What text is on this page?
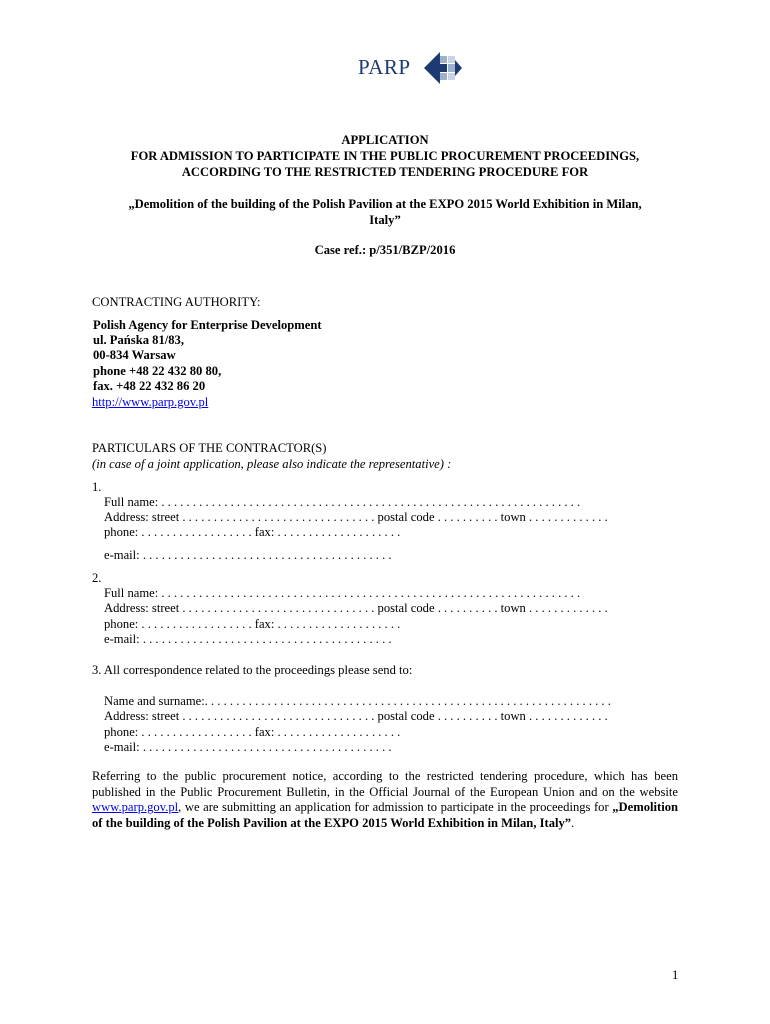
PARP
APPLICATION
FOR ADMISSION TO PARTICIPATE IN THE PUBLIC PROCUREMENT PROCEEDINGS,
ACCORDING TO THE RESTRICTED TENDERING PROCEDURE FOR
„Demolition of the building of the Polish Pavilion at the EXPO 2015 World Exhibition in Milan,
Italy”
Case ref.: p/351/BZP/2016
CONTRACTING AUTHORITY:
Polish Agency for Enterprise Development
ul. Pańska 81/83,
00-834 Warsaw
phone +48 22 432 80 80,
fax. +48 22 432 86 20
http://www.parp.gov.pl
PARTICULARS OF THE CONTRACTOR(S)
(in case of a joint application, please also indicate the representative) :
1.
Full name: . . . . . . . . . . . . . . . . . . . . . . . . . . . . . . . . . . . . . . . . . . . . . . . . . . . . . . . . . . . . . . . . . . .
Address: street . . . . . . . . . . . . . . . . . . . . . . . . . . . . . . . postal code . . . . . . . . . . town . . . . . . . . . . . . .
phone: . . . . . . . . . . . . . . . . . . fax: . . . . . . . . . . . . . . . . . . . .
e-mail: . . . . . . . . . . . . . . . . . . . . . . . . . . . . . . . . . . . . . . . .
2.
Full name: . . . . . . . . . . . . . . . . . . . . . . . . . . . . . . . . . . . . . . . . . . . . . . . . . . . . . . . . . . . . . . . . . . .
Address: street . . . . . . . . . . . . . . . . . . . . . . . . . . . . . . . postal code . . . . . . . . . . town . . . . . . . . . . . . .
phone: . . . . . . . . . . . . . . . . . . fax: . . . . . . . . . . . . . . . . . . . .
e-mail: . . . . . . . . . . . . . . . . . . . . . . . . . . . . . . . . . . . . . . . .
3. All correspondence related to the proceedings please send to:
Name and surname:. . . . . . . . . . . . . . . . . . . . . . . . . . . . . . . . . . . . . . . . . . . . . . . . . . . . . . . . . . . . . . . . .
Address: street . . . . . . . . . . . . . . . . . . . . . . . . . . . . . . . postal code . . . . . . . . . . town . . . . . . . . . . . . .
phone: . . . . . . . . . . . . . . . . . . fax: . . . . . . . . . . . . . . . . . . . .
e-mail: . . . . . . . . . . . . . . . . . . . . . . . . . . . . . . . . . . . . . . . .
Referring to the public procurement notice, according to the restricted tendering procedure, which has been published in the Public Procurement Bulletin, in the Official Journal of the European Union and on the website www.parp.gov.pl, we are submitting an application for admission to participate in the proceedings for „Demolition of the building of the Polish Pavilion at the EXPO 2015 World Exhibition in Milan, Italy”.
1
